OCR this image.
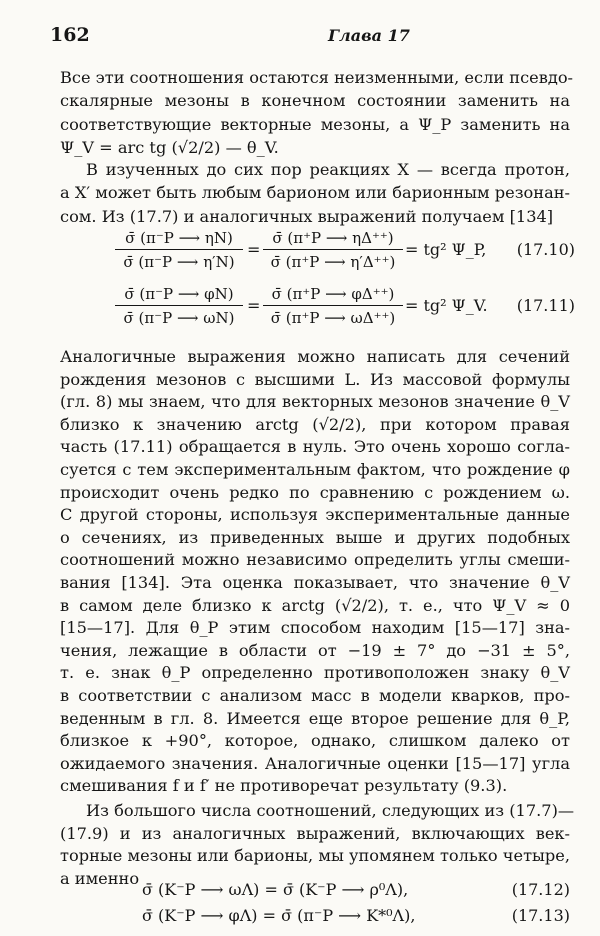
162	Глава 17
Все эти соотношения остаются неизменными, если псевдо-
скалярные мезоны в конечном состоянии заменить на
соответствующие векторные мезоны, а Ψ_P заменить на
Ψ_V = arc tg (√2/2) — θ_V.
В изученных до сих пор реакциях X — всегда протон,
а X′ может быть любым барионом или барионным резонан-
сом. Из (17.7) и аналогичных выражений получаем [134]
σ̄ (π⁻P ⟶ ηN)
σ̄ (π⁻P ⟶ η′N)
=
σ̄ (π⁺P ⟶ ηΔ⁺⁺)
σ̄ (π⁺P ⟶ η′Δ⁺⁺)
= tg² Ψ_P, (17.10)
σ̄ (π⁻P ⟶ φN)
σ̄ (π⁻P ⟶ ωN)
=
σ̄ (π⁺P ⟶ φΔ⁺⁺)
σ̄ (π⁺P ⟶ ωΔ⁺⁺)
= tg² Ψ_V. (17.11)
Аналогичные выражения можно написать для сечений
рождения мезонов с высшими L. Из массовой формулы
(гл. 8) мы знаем, что для векторных мезонов значение θ_V
близко к значению arctg (√2/2), при котором правая
часть (17.11) обращается в нуль. Это очень хорошо согла-
суется с тем экспериментальным фактом, что рождение φ
происходит очень редко по сравнению с рождением ω.
С другой стороны, используя экспериментальные данные
о сечениях, из приведенных выше и других подобных
соотношений можно независимо определить углы смеши-
вания [134]. Эта оценка показывает, что значение θ_V
в самом деле близко к arctg (√2/2), т. е., что Ψ_V ≈ 0
[15—17]. Для θ_P этим способом находим [15—17] зна-
чения, лежащие в области от −19 ± 7° до −31 ± 5°,
т. е. знак θ_P определенно противоположен знаку θ_V
в соответствии с анализом масс в модели кварков, про-
веденным в гл. 8. Имеется еще второе решение для θ_P,
близкое к +90°, которое, однако, слишком далеко от
ожидаемого значения. Аналогичные оценки [15—17] угла
смешивания f и f′ не противоречат результату (9.3).
Из большого числа соотношений, следующих из (17.7)—
(17.9) и из аналогичных выражений, включающих век-
торные мезоны или барионы, мы упомянем только четыре,
а именно
σ̄ (K⁻P ⟶ ωΛ) = σ̄ (K⁻P ⟶ ρ⁰Λ),	(17.12)
σ̄ (K⁻P ⟶ φΛ) = σ̄ (π⁻P ⟶ K*⁰Λ),	(17.13)
